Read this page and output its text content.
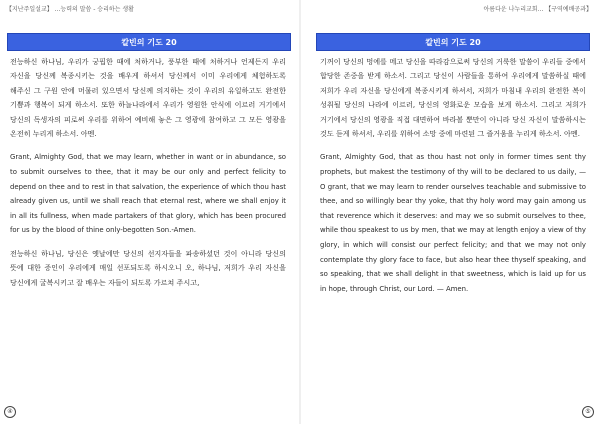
【지난주일설교】 ...능력의 말씀 - 승리하는 생활
칼빈의 기도 20

전능하신 하나님, 우리가 궁핍한 때에 처하거나, 풍부한 때에 처하거나 언제든지 우리 자신을 당신께 복종시키는 것을 배우게 하셔서 당신께서 이미 우리에게 체험하도록 해주신 그 구원 안에 머물러 있으면서 당신께 의지하는 것이 우리의 유일하고도 완전한 기쁨과 행복이 되게 하소서. 또한 하늘나라에서 우리가 영원한 안식에 이르러 거기에서 당신의 독생자의 피로써 우리를 위하여 예비해 놓은 그 영광에 참여하고 그 모든 영광을 온전히 누리게 하소서. 아멘.

Grant, Almighty God, that we may learn, whether in want or in abundance, so to submit ourselves to thee, that it may be our only and perfect felicity to depend on thee and to rest in that salvation, the experience of which thou hast already given us, until we shall reach that eternal rest, where we shall enjoy it in all its fullness, when made partakers of that glory, which has been procured for us by the blood of thine only-begotten Son.-Amen.

전능하신 하나님, 당신은 옛날에만 당신의 선지자들을 파송하셨던 것이 아니라 당신의 뜻에 대한 증인이 우리에게 매일 선포되도록 하시오니 오, 하나님, 저희가 우리 자신을 당신에게 굴복시키고 잘 배우는 자들이 되도록 가르쳐 주시고,

④
아름다운 나누리교회... 【구역예배공과】
칼빈의 기도 20

기꺼이 당신의 멍에를 메고 당신을 따라감으로써 당신의 거룩한 말씀이 우리들 중에서 합당한 존중을 받게 하소서. 그리고 당신이 사람들을 통하여 우리에게 말씀하실 때에 저희가 우리 자신을 당신에게 복종시키게 하셔서, 저희가 마침내 우리의 완전한 복이 성취될 당신의 나라에 이르러, 당신의 영화로운 모습을 보게 하소서. 그리고 저희가 거기에서 당신의 영광을 직접 대면하여 바라볼 뿐만이 아니라 당신 자신이 말씀하시는 것도 듣게 하셔서, 우리를 위하여 소망 중에 마련된 그 즐거움을 누리게 하소서. 아멘.

Grant, Almighty God, that as thou hast not only in former times sent thy prophets, but makest the testimony of thy will to be declared to us daily, — O grant, that we may learn to render ourselves teachable and submissive to thee, and so willingly bear thy yoke, that thy holy word may gain among us that reverence which it deserves: and may we so submit ourselves to thee, while thou speakest to us by men, that we may at length enjoy a view of thy glory, in which will consist our perfect felicity; and that we may not only contemplate thy glory face to face, but also hear thee thyself speaking, and so speaking, that we shall delight in that sweetness, which is laid up for us in hope, through Christ, our Lord. — Amen.

⑤
